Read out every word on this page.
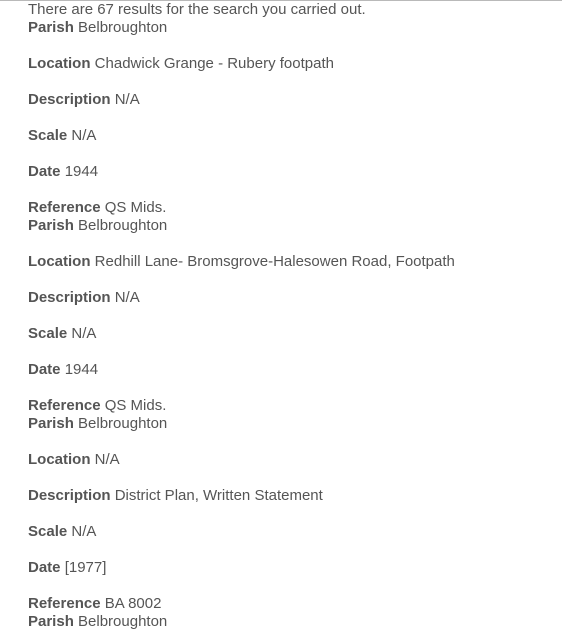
There are 67 results for the search you carried out.
Parish Belbroughton
Location Chadwick Grange - Rubery footpath
Description N/A
Scale N/A
Date 1944
Reference QS Mids.
Parish Belbroughton
Location Redhill Lane- Bromsgrove-Halesowen Road, Footpath
Description N/A
Scale N/A
Date 1944
Reference QS Mids.
Parish Belbroughton
Location N/A
Description District Plan, Written Statement
Scale N/A
Date [1977]
Reference BA 8002
Parish Belbroughton
